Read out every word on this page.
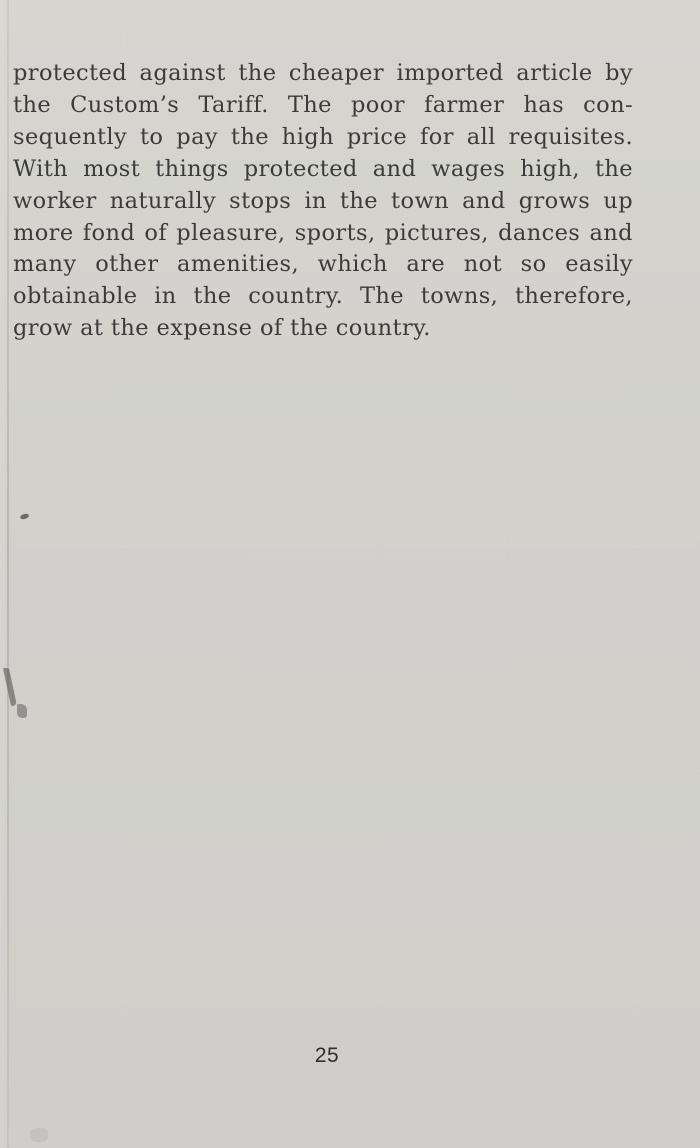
protected against the cheaper imported article by
the Custom’s Tariff. The poor farmer has con-
sequently to pay the high price for all requisites.
With most things protected and wages high, the
worker naturally stops in the town and grows up
more fond of pleasure, sports, pictures, dances and
many other amenities, which are not so easily
obtainable in the country. The towns, therefore,
grow at the expense of the country.
25
